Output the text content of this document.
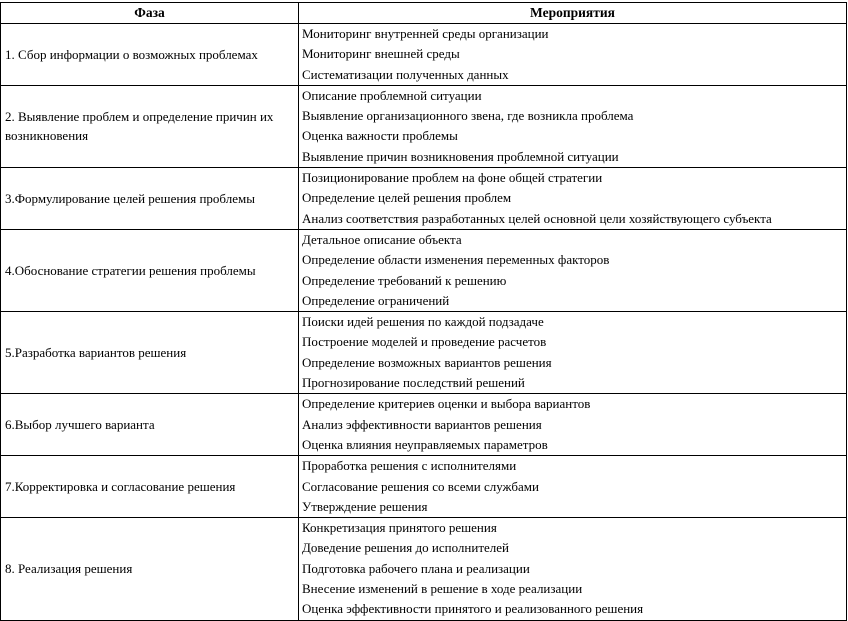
Фаза	Мероприятия
1. Сбор информации о возможных проблемах	Мониторинг внутренней среды организации
Мониторинг внешней среды
Систематизации полученных данных

2. Выявление проблем и определение причин их возникновения	Описание проблемной ситуации
Выявление организационного звена, где возникла проблема
Оценка важности проблемы
Выявление причин возникновения проблемной ситуации

3.Формулирование целей решения проблемы	Позиционирование проблем на фоне общей стратегии
Определение целей решения проблем
Анализ соответствия разработанных целей основной цели хозяйствующего субъекта

4.Обоснование стратегии решения проблемы	Детальное описание объекта
Определение области изменения переменных факторов
Определение требований к решению
Определение ограничений

5.Разработка вариантов решения	Поиски идей решения по каждой подзадаче
Построение моделей и проведение расчетов
Определение возможных вариантов решения
Прогнозирование последствий решений

6.Выбор лучшего варианта	Определение критериев оценки и выбора вариантов
Анализ эффективности вариантов решения
Оценка влияния неуправляемых параметров

7.Корректировка и согласование решения	Проработка решения с исполнителями
Согласование решения со всеми службами
Утверждение решения

8. Реализация решения	Конкретизация принятого решения
Доведение решения до исполнителей
Подготовка рабочего плана и реализации
Внесение изменений в решение в ходе реализации
Оценка эффективности принятого и реализованного решения
